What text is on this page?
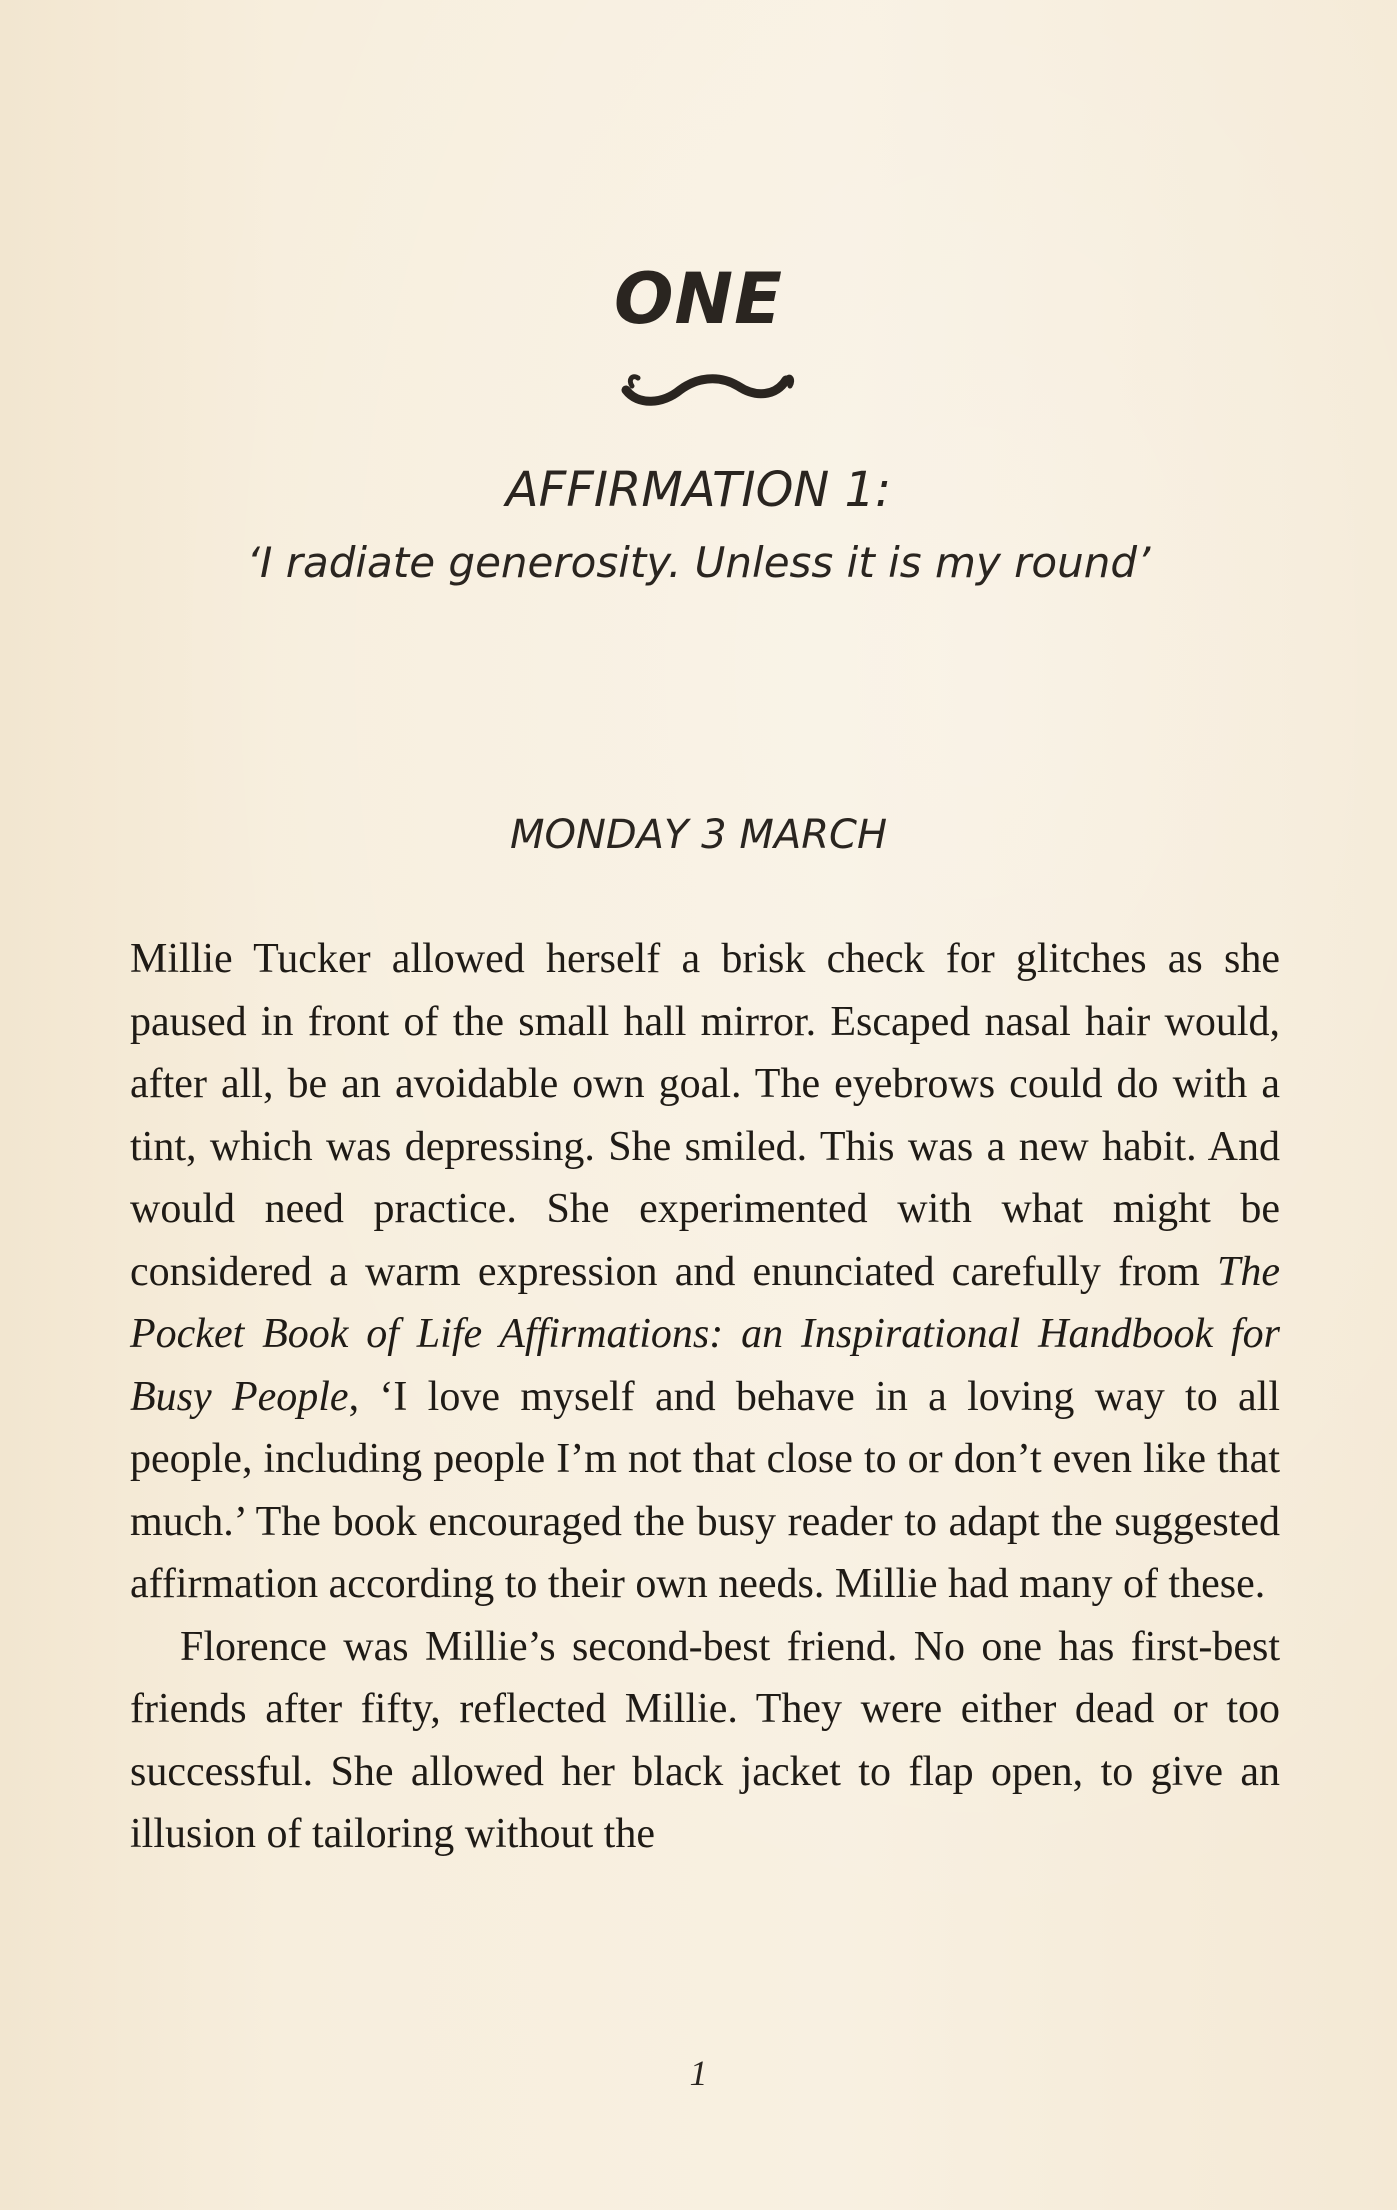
ONE
AFFIRMATION 1:
‘I radiate generosity. Unless it is my round’
MONDAY 3 MARCH

Millie Tucker allowed herself a brisk check for glitches as she paused in front of the small hall mirror. Escaped nasal hair would, after all, be an avoidable own goal. The eyebrows could do with a tint, which was depressing. She smiled. This was a new habit. And would need practice. She experimented with what might be considered a warm expression and enunciated carefully from The Pocket Book of Life Affirmations: an Inspirational Handbook for Busy People, ‘I love myself and behave in a loving way to all people, including people I’m not that close to or don’t even like that much.’ The book encouraged the busy reader to adapt the suggested affirmation according to their own needs. Millie had many of these.

Florence was Millie’s second-best friend. No one has first-best friends after fifty, reflected Millie. They were either dead or too successful. She allowed her black jacket to flap open, to give an illusion of tailoring without the

1
